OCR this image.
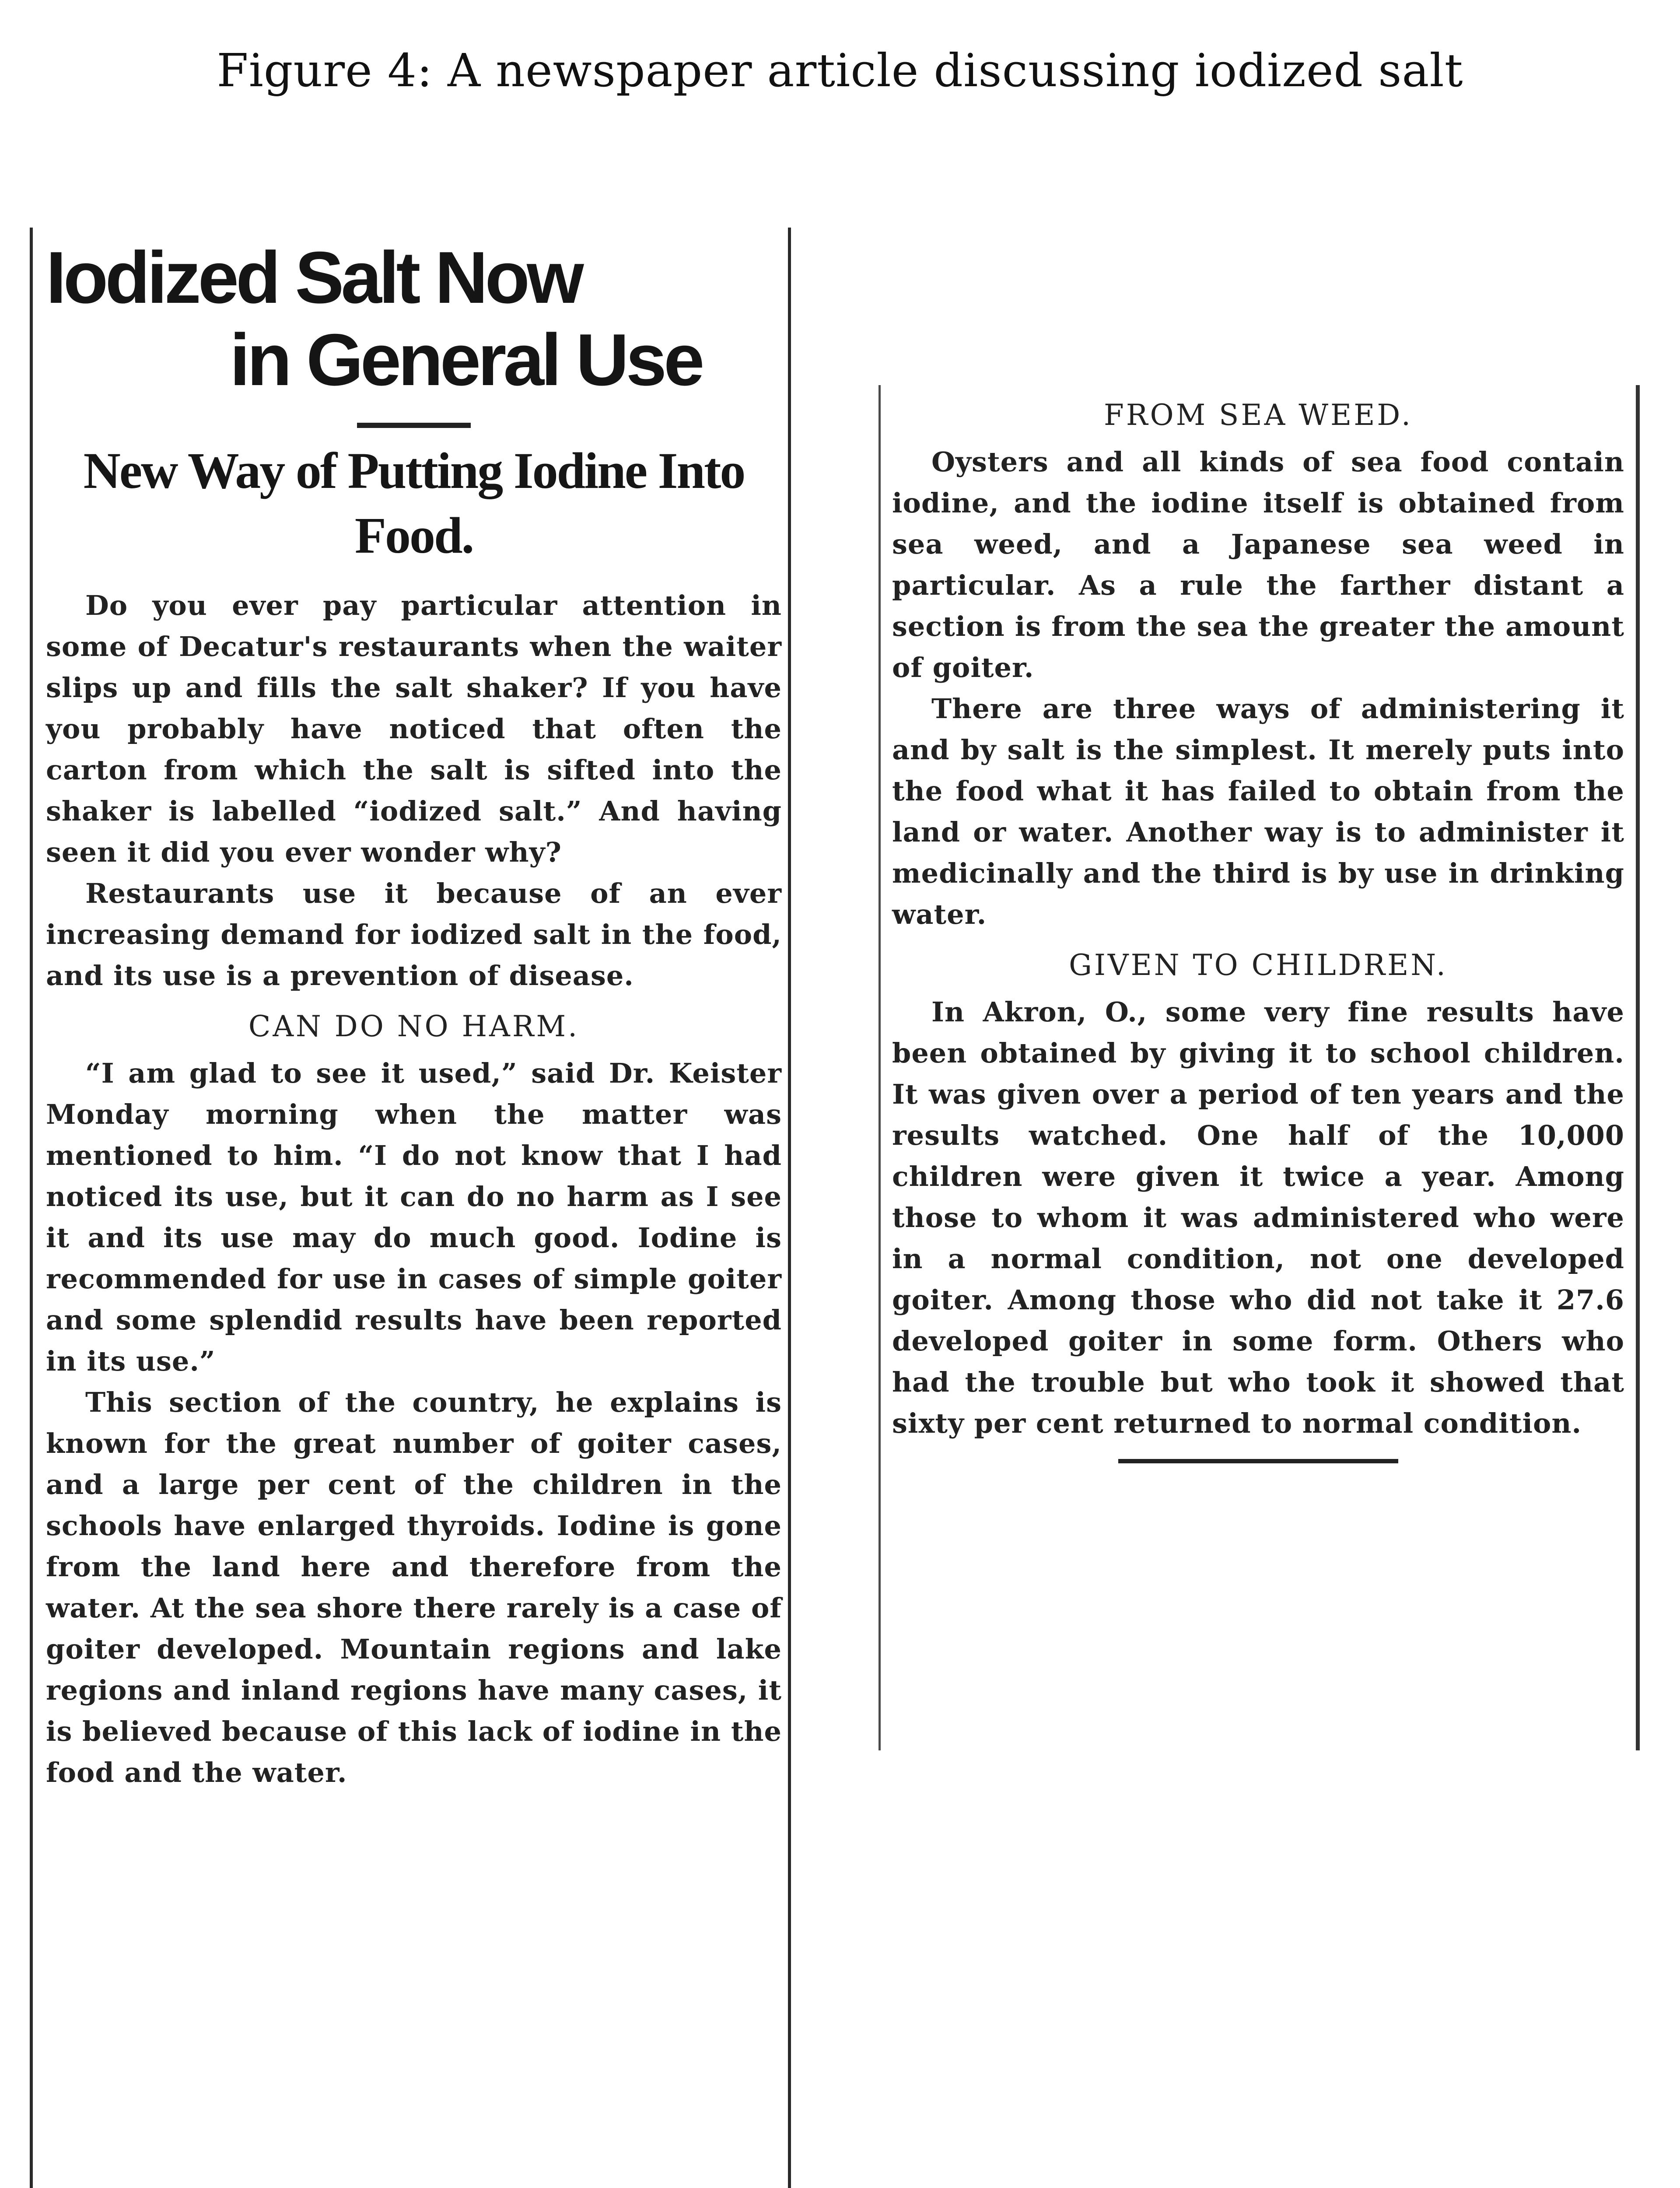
Figure 4: A newspaper article discussing iodized salt
Iodized Salt Now
in General Use
New Way of Putting Iodine Into Food.

Do you ever pay particular attention in some of Decatur's restaurants when the waiter slips up and fills the salt shaker? If you have you probably have noticed that often the carton from which the salt is sifted into the shaker is labelled “iodized salt.” And having seen it did you ever wonder why?

Restaurants use it because of an ever increasing demand for iodized salt in the food, and its use is a prevention of disease.

CAN DO NO HARM.

“I am glad to see it used,” said Dr. Keister Monday morning when the matter was mentioned to him. “I do not know that I had noticed its use, but it can do no harm as I see it and its use may do much good. Iodine is recommended for use in cases of simple goiter and some splendid results have been reported in its use.”

This section of the country, he explains is known for the great number of goiter cases, and a large per cent of the children in the schools have enlarged thyroids. Iodine is gone from the land here and therefore from the water. At the sea shore there rarely is a case of goiter developed. Mountain regions and lake regions and inland regions have many cases, it is believed because of this lack of iodine in the food and the water.

FROM SEA WEED.

Oysters and all kinds of sea food contain iodine, and the iodine itself is obtained from sea weed, and a Japanese sea weed in particular. As a rule the farther distant a section is from the sea the greater the amount of goiter.

There are three ways of administering it and by salt is the simplest. It merely puts into the food what it has failed to obtain from the land or water. Another way is to administer it medicinally and the third is by use in drinking water.

GIVEN TO CHILDREN.

In Akron, O., some very fine results have been obtained by giving it to school children. It was given over a period of ten years and the results watched. One half of the 10,000 children were given it twice a year. Among those to whom it was administered who were in a normal condition, not one developed goiter. Among those who did not take it 27.6 developed goiter in some form. Others who had the trouble but who took it showed that sixty per cent returned to normal condition.
